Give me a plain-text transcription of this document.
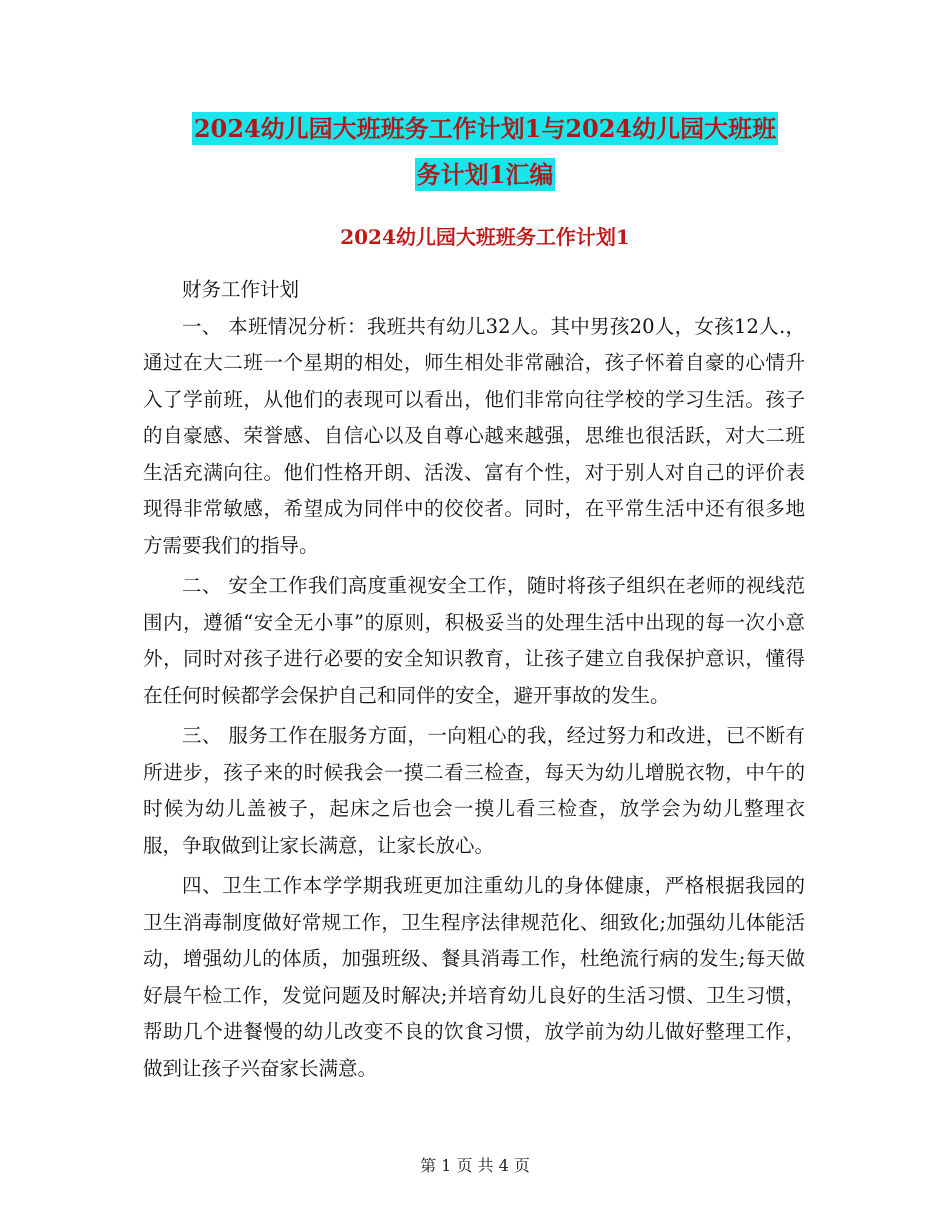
2024幼儿园大班班务工作计划1与2024幼儿园大班班
务计划1汇编
2024幼儿园大班班务工作计划1

财务工作计划

一、 本班情况分析：我班共有幼儿32人。其中男孩20人，女孩12人.，通过在大二班一个星期的相处，师生相处非常融洽，孩子怀着自豪的心情升入了学前班，从他们的表现可以看出，他们非常向往学校的学习生活。孩子的自豪感、荣誉感、自信心以及自尊心越来越强，思维也很活跃，对大二班生活充满向往。他们性格开朗、活泼、富有个性，对于别人对自己的评价表现得非常敏感，希望成为同伴中的佼佼者。同时，在平常生活中还有很多地方需要我们的指导。

二、 安全工作我们高度重视安全工作，随时将孩子组织在老师的视线范围内，遵循“安全无小事”的原则，积极妥当的处理生活中出现的每一次小意外，同时对孩子进行必要的安全知识教育，让孩子建立自我保护意识，懂得在任何时候都学会保护自己和同伴的安全，避开事故的发生。

三、 服务工作在服务方面，一向粗心的我，经过努力和改进，已不断有所进步，孩子来的时候我会一摸二看三检查，每天为幼儿增脱衣物，中午的时候为幼儿盖被子，起床之后也会一摸儿看三检查，放学会为幼儿整理衣服，争取做到让家长满意，让家长放心。

四、卫生工作本学学期我班更加注重幼儿的身体健康，严格根据我园的卫生消毒制度做好常规工作，卫生程序法律规范化、细致化;加强幼儿体能活动，增强幼儿的体质，加强班级、餐具消毒工作，杜绝流行病的发生;每天做好晨午检工作，发觉问题及时解决;并培育幼儿良好的生活习惯、卫生习惯，帮助几个进餐慢的幼儿改变不良的饮食习惯，放学前为幼儿做好整理工作，做到让孩子兴奋家长满意。

第 1 页 共 4 页
